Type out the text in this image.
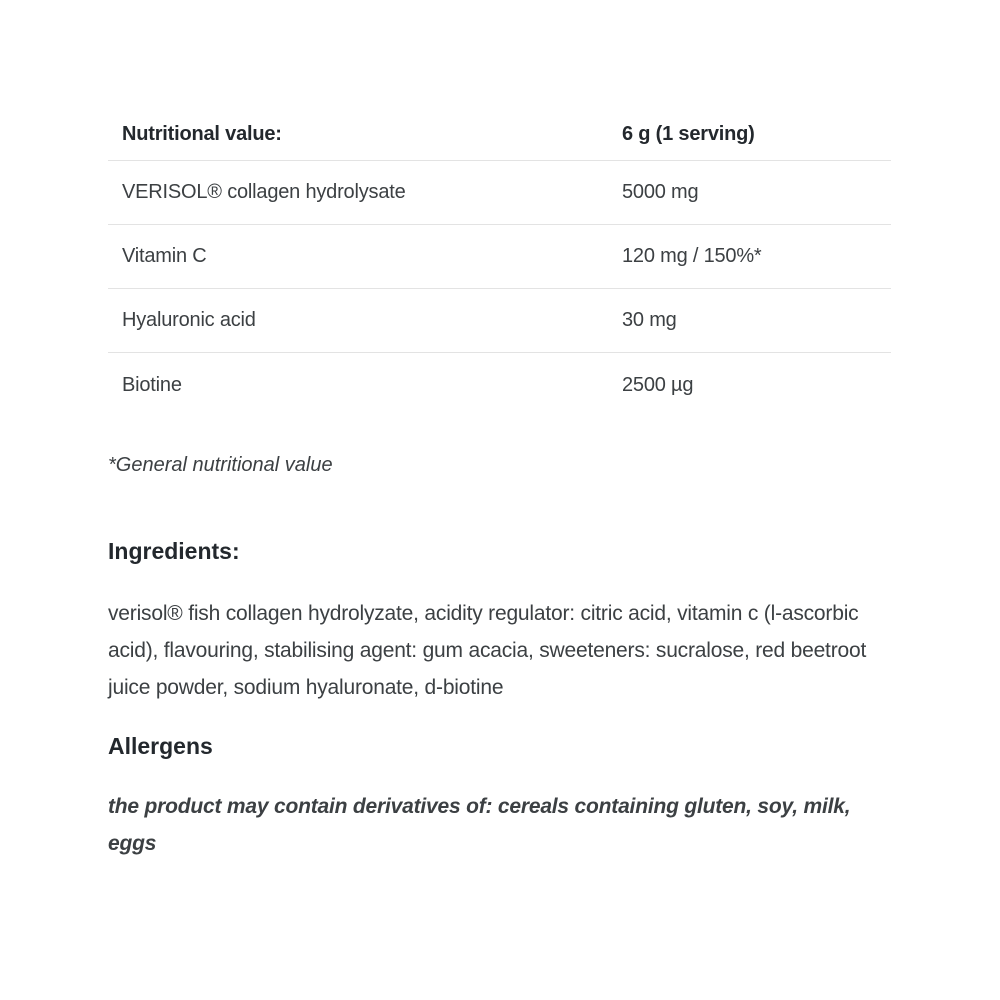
Nutritional value:	6 g (1 serving)
VERISOL® collagen hydrolysate	5000 mg
Vitamin C	120 mg / 150%*
Hyaluronic acid	30 mg
Biotine	2500 µg
*General nutritional value
Ingredients:
verisol® fish collagen hydrolyzate, acidity regulator: citric acid, vitamin c (l-ascorbic acid), flavouring, stabilising agent: gum acacia, sweeteners: sucralose, red beetroot juice powder, sodium hyaluronate, d-biotine
Allergens
the product may contain derivatives of: cereals containing gluten, soy, milk, eggs
